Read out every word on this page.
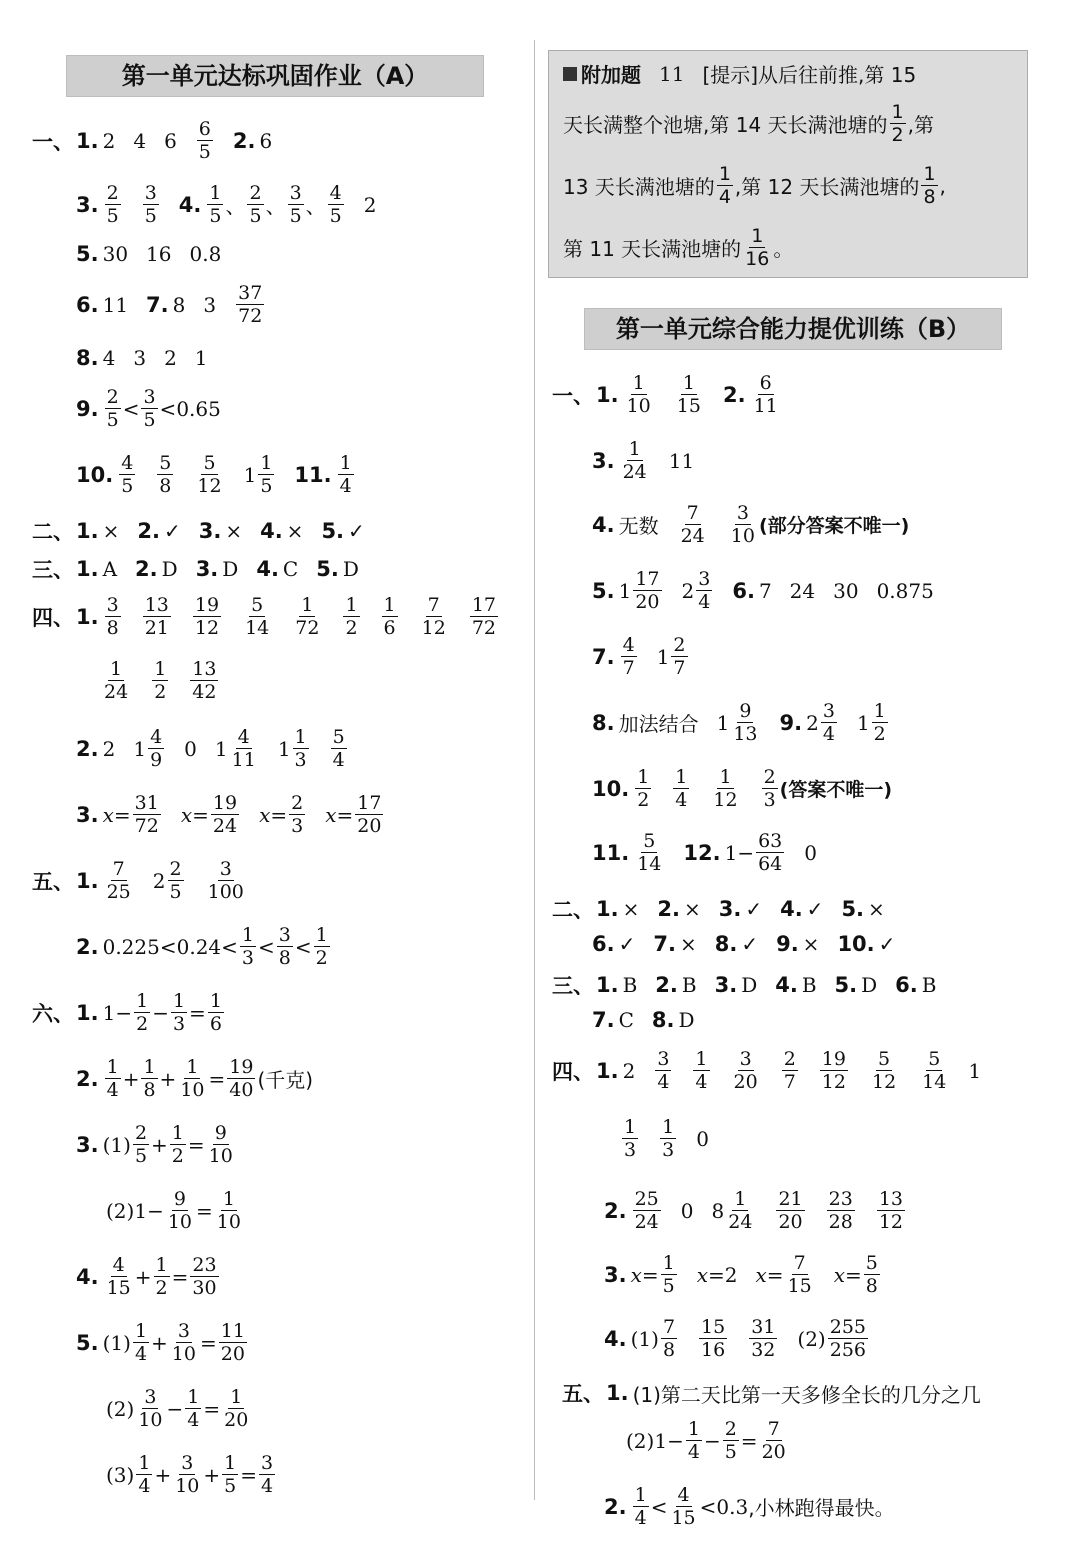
第一单元达标巩固作业（A）
一、 1. 2 4 $6 \frac{6}{5} 2$. 6
3. $\frac{2}{5} \frac{3}{5} 4$. $\frac{1}{5}$ 、 $\frac{2}{5}$ 、 $\frac{3}{5}$ 、 $\frac{4}{5} 2$
5. 30 16 0.8
6. 11 7. 8 $3 \frac{37}{72}$
8. 4 3 2 1
9. $\frac{2}{5} < \frac{3}{5} < 0.65$
10. $\frac{4}{5} \frac{5}{8} \frac{5}{12} 1 \frac{1}{5} 11$. $\frac{1}{4}$
二、 1. × 2. ✓ 3. × 4. × 5. ✓
三、 1. A 2. D 3. D 4. C 5. D
四、 1. $\frac{3}{8} \frac{13}{21} \frac{19}{12} \frac{5}{14} \frac{1}{72} \frac{1}{2} \frac{1}{6} \frac{7}{12} \frac{17}{72}$
$\frac{1}{24} \frac{1}{2} \frac{13}{42}$
2. 2 $1 \frac{4}{9} 0$ $1 \frac{4}{11} 1 \frac{1}{3} \frac{5}{4}$
3. $x= \frac{31}{72} x= \frac{19}{24} x= \frac{2}{3} x= \frac{17}{20}$
五、 1. $\frac{7}{25} 2 \frac{2}{5} \frac{3}{100}$
2. $0.225 < 0.24 < \frac{1}{3} < \frac{3}{8} < \frac{1}{2}$
六、 1. $1 - \frac{1}{2} - \frac{1}{3} = \frac{1}{6}$
2. $\frac{1}{4} + \frac{1}{8} + \frac{1}{10} = \frac{19}{40}$ (千克)
3. $(1) \frac{2}{5} + \frac{1}{2} = \frac{9}{10}$
(2) $1 - \frac{9}{10} = \frac{1}{10}$
4. $\frac{4}{15} + \frac{1}{2} = \frac{23}{30}$
5. $(1) \frac{1}{4} + \frac{3}{10} = \frac{11}{20}$
$(2) \frac{3}{10} - \frac{1}{4} = \frac{1}{20}$
$(3) \frac{1}{4} + \frac{3}{10} + \frac{1}{5} = \frac{3}{4}$
附加题 11 [提示]从后往前推,第 15
天长满整个池塘,第 14 天长满池塘的 $\frac{1}{2}$ ,第
13 天长满池塘的 $\frac{1}{4}$ ,第 12 天长满池塘的 $\frac{1}{8}$ ,
第 11 天长满池塘的 $\frac{1}{16}$ 。
第一单元综合能力提优训练（B）
一、 1. $\frac{1}{10} \frac{1}{15} 2$. $\frac{6}{11}$
3. $\frac{1}{24} 11$
4. 无数 $\frac{7}{24} \frac{3}{10}$ (部分答案不唯一)
5. $1 \frac{17}{20} 2 \frac{3}{4} 6$. 7 24 30 0.875
7. $\frac{4}{7} 1 \frac{2}{7}$
8. 加法结合 $1 \frac{9}{13} 9$. $2 \frac{3}{4} 1 \frac{1}{2}$
10. $\frac{1}{2} \frac{1}{4} \frac{1}{12} \frac{2}{3}$ (答案不唯一)
11. $\frac{5}{14} 12$. $1 - \frac{63}{64} 0$
二、 1. × 2. × 3. ✓ 4. ✓ 5. ×
6. ✓ 7. × 8. ✓ 9. × 10. ✓
三、 1. B 2. B 3. D 4. B 5. D 6. B
7. C 8. D
四、 1. $2 \frac{3}{4} \frac{1}{4} \frac{3}{20} \frac{2}{7} \frac{19}{12} \frac{5}{12} \frac{5}{14} 1$
$\frac{1}{3} \frac{1}{3} 0$
2. $\frac{25}{24} 0$ $8 \frac{1}{24} \frac{21}{20} \frac{23}{28} \frac{13}{12}$
3. $x= \frac{1}{5} x= 2$ $x= \frac{7}{15} x= \frac{5}{8}$
4. $(1) \frac{7}{8} \frac{15}{16} \frac{31}{32} (2) \frac{255}{256}$
五、 1. (1)第二天比第一天多修全长的几分之几
(2) $1 - \frac{1}{4} - \frac{2}{5} = \frac{7}{20}$
2. $\frac{1}{4} < \frac{4}{15} < 0.3$ ,小林跑得最快。
